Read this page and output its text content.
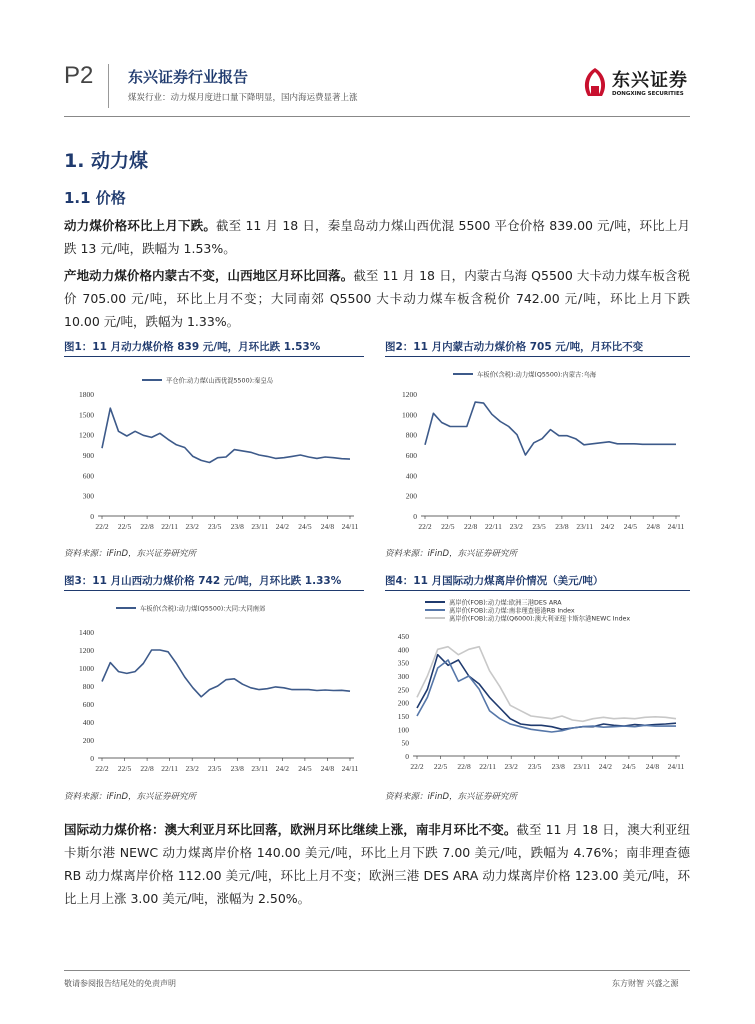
P2 东兴证券行业报告
煤炭行业：动力煤月度进口量下降明显，国内海运费显著上涨
东兴证券
DONGXING SECURITIES
1. 动力煤
1.1 价格
动力煤价格环比上月下跌。截至 11 月 18 日，秦皇岛动力煤山西优混 5500 平仓价格 839.00 元/吨，环比上月跌 13 元/吨，跌幅为 1.53%。
产地动力煤价格内蒙古不变，山西地区月环比回落。截至 11 月 18 日，内蒙古乌海 Q5500 大卡动力煤车板含税价 705.00 元/吨，环比上月不变；大同南郊 Q5500 大卡动力煤车板含税价 742.00 元/吨，环比上月下跌 10.00 元/吨，跌幅为 1.33%。
图1：11 月动力煤价格 839 元/吨，月环比跌 1.53%	图2：11 月内蒙古动力煤价格 705 元/吨，月环比不变
0
300
600
900
1200
1500
1800
22/2 22/5 22/8 22/11 23/2 23/5 23/8 23/11 24/2 24/5 24/8 24/11
平仓价:动力煤(山西优混5500):秦皇岛
0
200
400
600
800
1000
1200
22/2 22/5 22/8 22/11 23/2 23/5 23/8 23/11 24/2 24/5 24/8 24/11
车板价(含税):动力煤(Q5500):内蒙古:乌海
资料来源：iFinD，东兴证券研究所	资料来源：iFinD，东兴证券研究所
图3：11 月山西动力煤价格 742 元/吨，月环比跌 1.33%	图4：11 月国际动力煤离岸价情况（美元/吨）
0
200
400
600
800
1000
1200
1400
22/2 22/5 22/8 22/11 23/2 23/5 23/8 23/11 24/2 24/5 24/8 24/11
车板价(含税):动力煤(Q5500):大同:大同南郊
0
50
100
150
200
250
300
350
400
450
22/2 22/5 22/8 22/11 23/2 23/5 23/8 23/11 24/2 24/5 24/8 24/11
离岸价(FOB):动力煤:欧洲三港DES ARA
离岸价(FOB):动力煤:南非理查德港RB Index
离岸价(FOB):动力煤(Q6000):澳大利亚纽卡斯尔港NEWC Index
资料来源：iFinD，东兴证券研究所	资料来源：iFinD，东兴证券研究所
国际动力煤价格：澳大利亚月环比回落，欧洲月环比继续上涨，南非月环比不变。截至 11 月 18 日，澳大利亚纽卡斯尔港 NEWC 动力煤离岸价格 140.00 美元/吨，环比上月下跌 7.00 美元/吨，跌幅为 4.76%；南非理查德 RB 动力煤离岸价格 112.00 美元/吨，环比上月不变；欧洲三港 DES ARA 动力煤离岸价格 123.00 美元/吨，环比上月上涨 3.00 美元/吨，涨幅为 2.50%。
敬请参阅报告结尾处的免责声明	东方财智 兴盛之源
